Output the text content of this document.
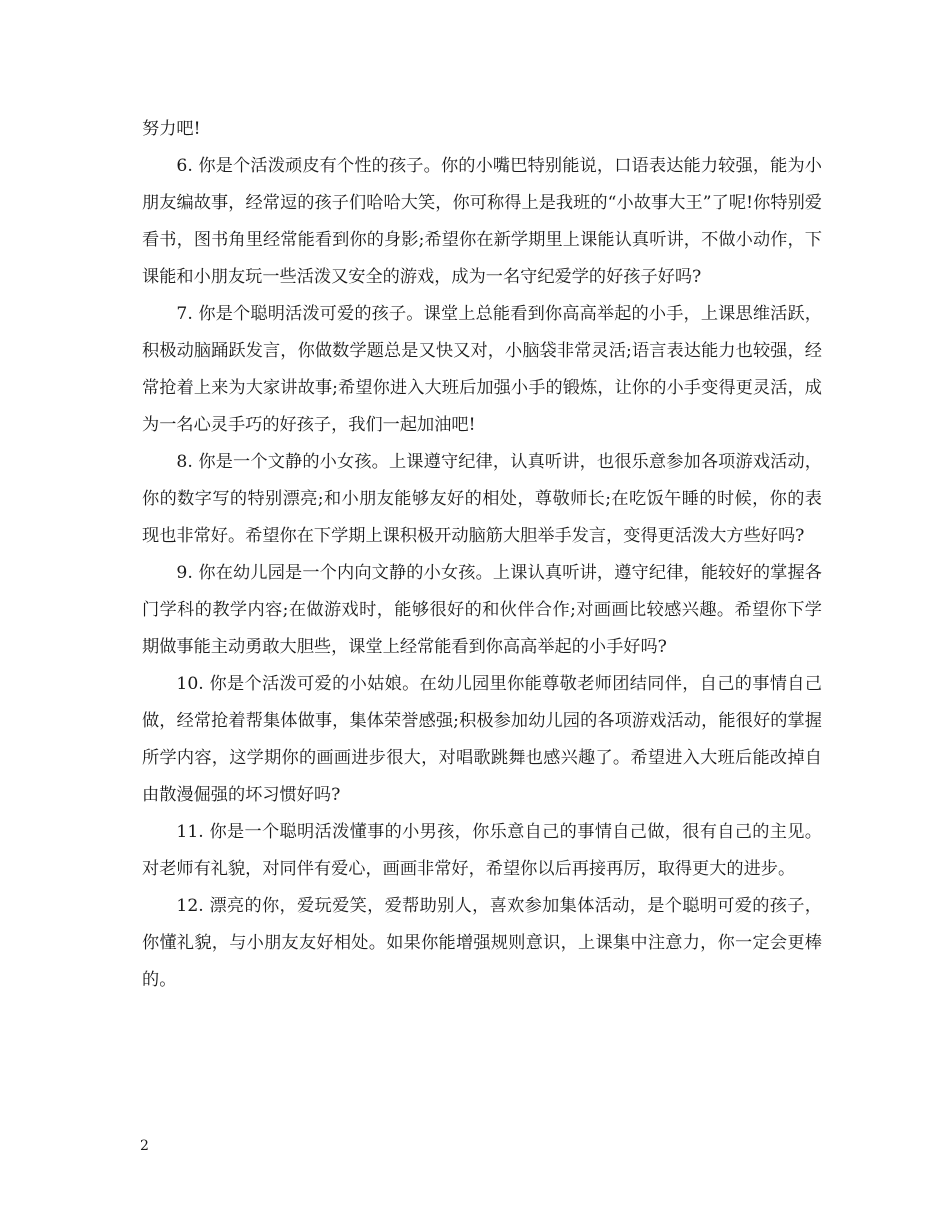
努力吧!

6. 你是个活泼顽皮有个性的孩子。你的小嘴巴特别能说，口语表达能力较强，能为小朋友编故事，经常逗的孩子们哈哈大笑，你可称得上是我班的“小故事大王”了呢!你特别爱看书，图书角里经常能看到你的身影;希望你在新学期里上课能认真听讲，不做小动作，下课能和小朋友玩一些活泼又安全的游戏，成为一名守纪爱学的好孩子好吗?

7. 你是个聪明活泼可爱的孩子。课堂上总能看到你高高举起的小手，上课思维活跃，积极动脑踊跃发言，你做数学题总是又快又对，小脑袋非常灵活;语言表达能力也较强，经常抢着上来为大家讲故事;希望你进入大班后加强小手的锻炼，让你的小手变得更灵活，成为一名心灵手巧的好孩子，我们一起加油吧!

8. 你是一个文静的小女孩。上课遵守纪律，认真听讲，也很乐意参加各项游戏活动，你的数字写的特别漂亮;和小朋友能够友好的相处，尊敬师长;在吃饭午睡的时候，你的表现也非常好。希望你在下学期上课积极开动脑筋大胆举手发言，变得更活泼大方些好吗?

9. 你在幼儿园是一个内向文静的小女孩。上课认真听讲，遵守纪律，能较好的掌握各门学科的教学内容;在做游戏时，能够很好的和伙伴合作;对画画比较感兴趣。希望你下学期做事能主动勇敢大胆些，课堂上经常能看到你高高举起的小手好吗?

10. 你是个活泼可爱的小姑娘。在幼儿园里你能尊敬老师团结同伴，自己的事情自己做，经常抢着帮集体做事，集体荣誉感强;积极参加幼儿园的各项游戏活动，能很好的掌握所学内容，这学期你的画画进步很大，对唱歌跳舞也感兴趣了。希望进入大班后能改掉自由散漫倔强的坏习惯好吗?

11. 你是一个聪明活泼懂事的小男孩，你乐意自己的事情自己做，很有自己的主见。对老师有礼貌，对同伴有爱心，画画非常好，希望你以后再接再厉，取得更大的进步。

12. 漂亮的你，爱玩爱笑，爱帮助别人，喜欢参加集体活动，是个聪明可爱的孩子，你懂礼貌，与小朋友友好相处。如果你能增强规则意识，上课集中注意力，你一定会更棒的。

2
